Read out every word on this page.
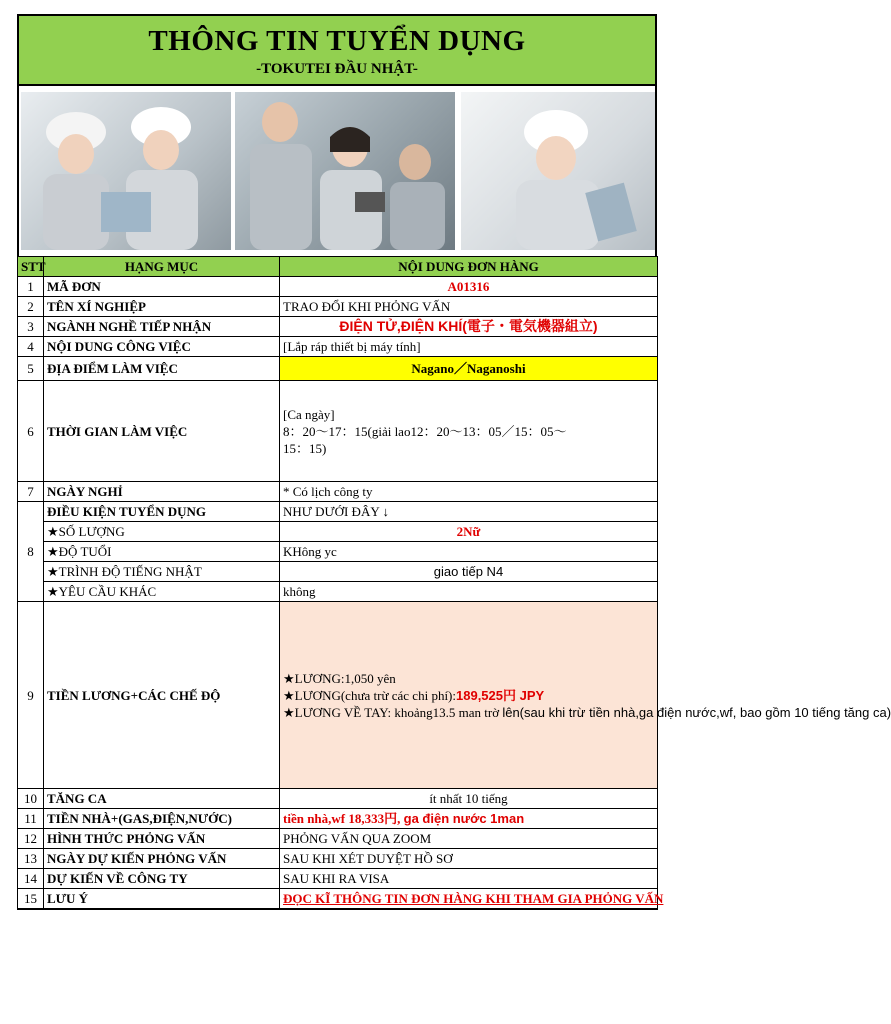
THÔNG TIN TUYỂN DỤNG
-TOKUTEI ĐẦU NHẬT-
STT	HẠNG MỤC	NỘI DUNG ĐƠN HÀNG
1	MÃ ĐƠN	A01316
2	TÊN XÍ NGHIỆP	TRAO ĐỔI KHI PHỎNG VẤN
3	NGÀNH NGHỀ TIẾP NHẬN	ĐIỆN TỬ,ĐIỆN KHÍ(電子・電気機器組立)
4	NỘI DUNG CÔNG VIỆC	[Lắp ráp thiết bị máy tính]
5	ĐỊA ĐIỂM LÀM VIỆC	Nagano／Naganoshi
6	THỜI GIAN LÀM VIỆC	[Ca ngày]
8：20〜17：15(giải lao12：20〜13：05／15：05〜
15：15)

7	NGÀY NGHỈ	* Có lịch công ty
8	ĐIỀU KIỆN TUYỂN DỤNG	NHƯ DƯỚI ĐÂY ↓
	★SỐ LƯỢNG	2Nữ
	★ĐỘ TUỔI	KHông yc
	★TRÌNH ĐỘ TIẾNG NHẬT	giao tiếp N4
	★YÊU CẦU KHÁC	không
9	TIỀN LƯƠNG+CÁC CHẾ ĐỘ	★LƯƠNG:1,050 yên
★LƯƠNG(chưa trừ các chi phí):189,525円 JPY
★LƯƠNG VỀ TAY: khoảng13.5 man trờ lên(sau khi trừ tiền nhà,ga điện nước,wf, bao gồm 10 tiếng tăng ca)

10	TĂNG CA	ít nhất 10 tiếng
11	TIỀN NHÀ+(GAS,ĐIỆN,NƯỚC)	tiền nhà,wf 18,333円, ga điện nước 1man
12	HÌNH THỨC PHỎNG VẤN	PHỎNG VẤN QUA ZOOM
13	NGÀY DỰ KIẾN PHỎNG VẤN	SAU KHI XÉT DUYỆT HỒ SƠ
14	DỰ KIẾN VỀ CÔNG TY	SAU KHI RA VISA
15	LƯU Ý	ĐỌC KĨ THÔNG TIN ĐƠN HÀNG KHI THAM GIA PHỎNG VẤN
